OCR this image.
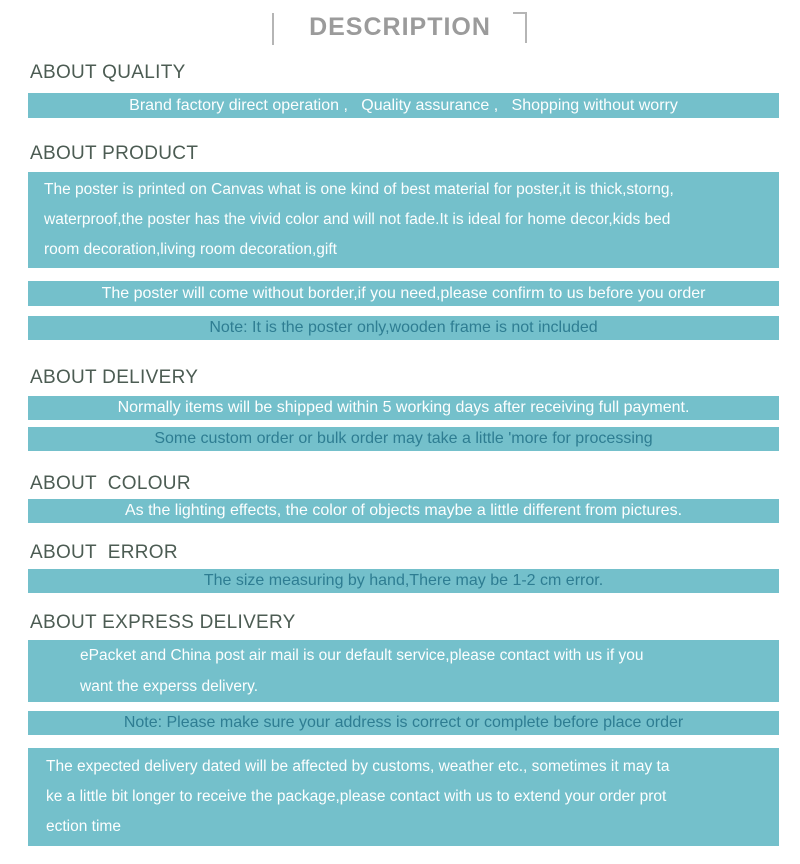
DESCRIPTION
ABOUT QUALITY
Brand factory direct operation ,   Quality assurance ,   Shopping without worry
ABOUT PRODUCT
The poster is printed on Canvas what is one kind of best material for poster,it is thick,storng,
waterproof,the poster has the vivid color and will not fade.It is ideal for home decor,kids bed
room decoration,living room decoration,gift
The poster will come without border,if you need,please confirm to us before you order
Note: It is the poster only,wooden frame is not included
ABOUT DELIVERY
Normally items will be shipped within 5 working days after receiving full payment.
Some custom order or bulk order may take a little 'more for processing
ABOUT  COLOUR
As the lighting effects, the color of objects maybe a little different from pictures.
ABOUT  ERROR
The size measuring by hand,There may be 1-2 cm error.
ABOUT EXPRESS DELIVERY
ePacket and China post air mail is our default service,please contact with us if you
want the experss delivery.
Note: Please make sure your address is correct or complete before place order
The expected delivery dated will be affected by customs, weather etc., sometimes it may ta
ke a little bit longer to receive the package,please contact with us to extend your order prot
ection time
